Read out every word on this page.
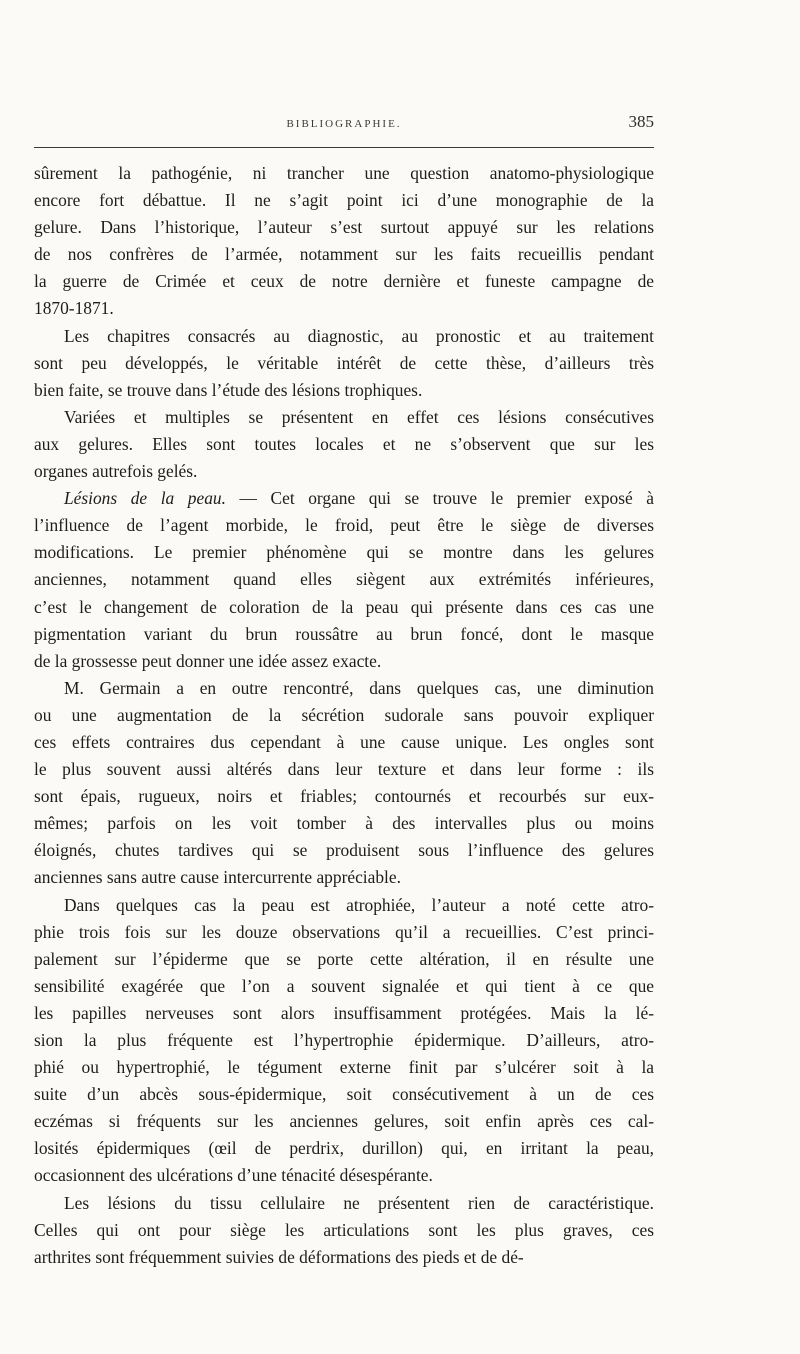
BIBLIOGRAPHIE.	385
sûrement la pathogénie, ni trancher une question anatomo-physiologique
encore fort débattue. Il ne s’agit point ici d’une monographie de la
gelure. Dans l’historique, l’auteur s’est surtout appuyé sur les relations
de nos confrères de l’armée, notamment sur les faits recueillis pendant
la guerre de Crimée et ceux de notre dernière et funeste campagne de
1870-1871.
Les chapitres consacrés au diagnostic, au pronostic et au traitement
sont peu développés, le véritable intérêt de cette thèse, d’ailleurs très
bien faite, se trouve dans l’étude des lésions trophiques.
Variées et multiples se présentent en effet ces lésions consécutives
aux gelures. Elles sont toutes locales et ne s’observent que sur les
organes autrefois gelés.
Lésions de la peau. — Cet organe qui se trouve le premier exposé à
l’influence de l’agent morbide, le froid, peut être le siège de diverses
modifications. Le premier phénomène qui se montre dans les gelures
anciennes, notamment quand elles siègent aux extrémités inférieures,
c’est le changement de coloration de la peau qui présente dans ces cas une
pigmentation variant du brun roussâtre au brun foncé, dont le masque
de la grossesse peut donner une idée assez exacte.
M. Germain a en outre rencontré, dans quelques cas, une diminution
ou une augmentation de la sécrétion sudorale sans pouvoir expliquer
ces effets contraires dus cependant à une cause unique. Les ongles sont
le plus souvent aussi altérés dans leur texture et dans leur forme : ils
sont épais, rugueux, noirs et friables; contournés et recourbés sur eux-
mêmes; parfois on les voit tomber à des intervalles plus ou moins
éloignés, chutes tardives qui se produisent sous l’influence des gelures
anciennes sans autre cause intercurrente appréciable.
Dans quelques cas la peau est atrophiée, l’auteur a noté cette atro-
phie trois fois sur les douze observations qu’il a recueillies. C’est princi-
palement sur l’épiderme que se porte cette altération, il en résulte une
sensibilité exagérée que l’on a souvent signalée et qui tient à ce que
les papilles nerveuses sont alors insuffisamment protégées. Mais la lé-
sion la plus fréquente est l’hypertrophie épidermique. D’ailleurs, atro-
phié ou hypertrophié, le tégument externe finit par s’ulcérer soit à la
suite d’un abcès sous-épidermique, soit consécutivement à un de ces
eczémas si fréquents sur les anciennes gelures, soit enfin après ces cal-
losités épidermiques (œil de perdrix, durillon) qui, en irritant la peau,
occasionnent des ulcérations d’une ténacité désespérante.
Les lésions du tissu cellulaire ne présentent rien de caractéristique.
Celles qui ont pour siège les articulations sont les plus graves, ces
arthrites sont fréquemment suivies de déformations des pieds et de dé-
